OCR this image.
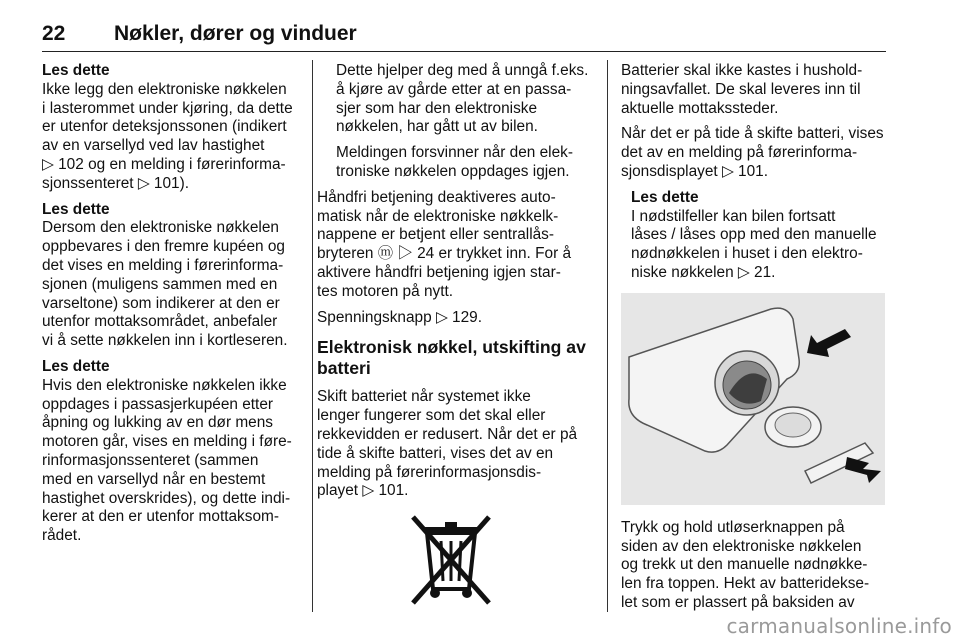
22 Nøkler, dører og vinduer
Les dette
Ikke legg den elektroniske nøkkelen
i lasterommet under kjøring, da dette
er utenfor deteksjonssonen (indikert
av en varsellyd ved lav hastighet
▷ 102 og en melding i førerinforma-
sjonssenteret ▷ 101).
Les dette
Dersom den elektroniske nøkkelen
oppbevares i den fremre kupéen og
det vises en melding i førerinforma-
sjonen (muligens sammen med en
varseltone) som indikerer at den er
utenfor mottaksområdet, anbefaler
vi å sette nøkkelen inn i kortleseren.
Les dette
Hvis den elektroniske nøkkelen ikke
oppdages i passasjerkupéen etter
åpning og lukking av en dør mens
motoren går, vises en melding i føre-
rinformasjonssenteret (sammen
med en varsellyd når en bestemt
hastighet overskrides), og dette indi-
kerer at den er utenfor mottaksom-
rådet.
Dette hjelper deg med å unngå f.eks.
å kjøre av gårde etter at en passa-
sjer som har den elektroniske
nøkkelen, har gått ut av bilen.
Meldingen forsvinner når den elek-
troniske nøkkelen oppdages igjen.
Håndfri betjening deaktiveres auto-
matisk når de elektroniske nøkkelk-
nappene er betjent eller sentrallås-
bryteren ⓜ ▷ 24 er trykket inn. For å
aktivere håndfri betjening igjen star-
tes motoren på nytt.
Spenningsknapp ▷ 129.
Elektronisk nøkkel, utskifting av
batteri
Skift batteriet når systemet ikke
lenger fungerer som det skal eller
rekkevidden er redusert. Når det er på
tide å skifte batteri, vises det av en
melding på førerinformasjonsdis-
playet ▷ 101.
Batterier skal ikke kastes i hushold-
ningsavfallet. De skal leveres inn til
aktuelle mottakssteder.
Når det er på tide å skifte batteri, vises
det av en melding på førerinforma-
sjonsdisplayet ▷ 101.
Les dette
I nødstilfeller kan bilen fortsatt
låses / låses opp med den manuelle
nødnøkkelen i huset i den elektro-
niske nøkkelen ▷ 21.
Trykk og hold utløserknappen på
siden av den elektroniske nøkkelen
og trekk ut den manuelle nødnøkke-
len fra toppen. Hekt av batteridekse-
let som er plassert på baksiden av
carmanualsonline.info
